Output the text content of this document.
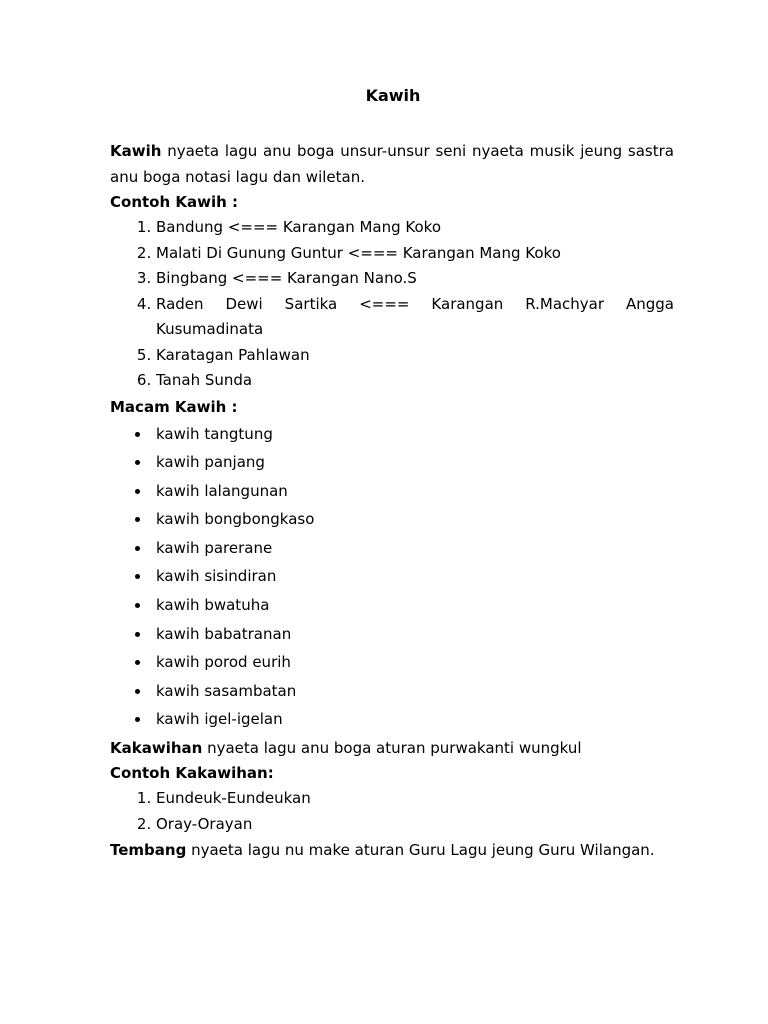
Kawih

Kawih nyaeta lagu anu boga unsur-unsur seni nyaeta musik jeung sastra anu boga notasi lagu dan wiletan.

Contoh Kawih :

1. Bandung <=== Karangan Mang Koko
2. Malati Di Gunung Guntur <=== Karangan Mang Koko
3. Bingbang <=== Karangan Nano.S
4. Raden Dewi Sartika <=== Karangan R.Machyar Angga
Kusumadinata
5. Karatagan Pahlawan
6. Tanah Sunda

Macam Kawih :

kawih tangtung
kawih panjang
kawih lalangunan
kawih bongbongkaso
kawih parerane
kawih sisindiran
kawih bwatuha
kawih babatranan
kawih porod eurih
kawih sasambatan
kawih igel-igelan

Kakawihan nyaeta lagu anu boga aturan purwakanti wungkul

Contoh Kakawihan:

1. Eundeuk-Eundeukan
2. Oray-Orayan

Tembang nyaeta lagu nu make aturan Guru Lagu jeung Guru Wilangan.
